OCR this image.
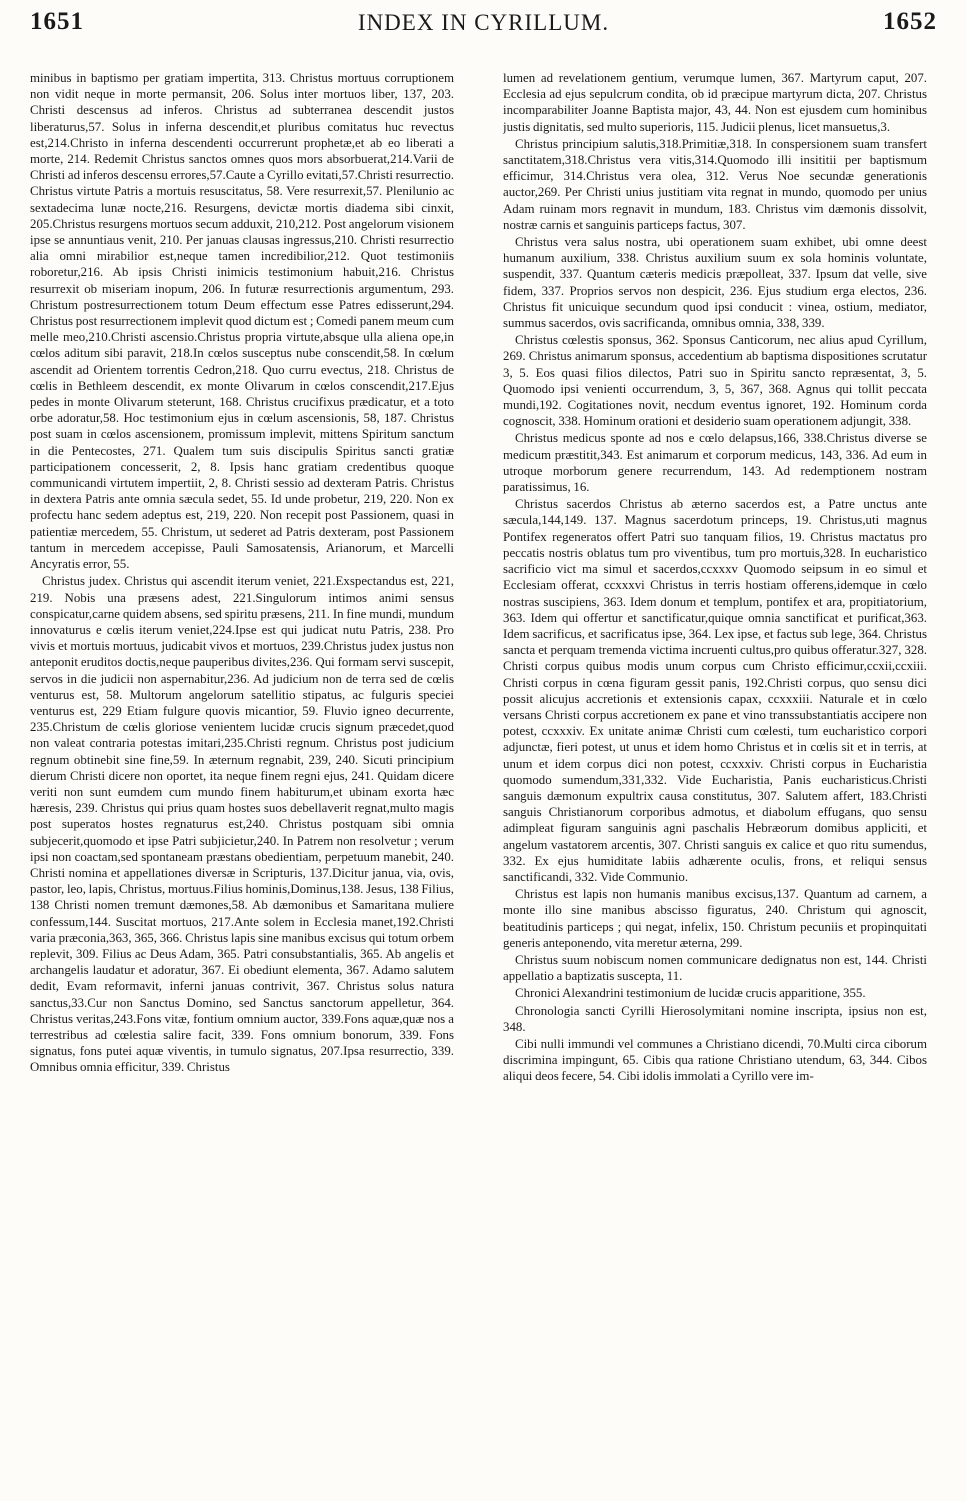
1651	INDEX IN CYRILLUM.	1652

minibus in baptismo per gratiam impertita, 313. Christus mortuus corruptionem non vidit neque in morte permansit, 206. Solus inter mortuos liber, 137, 203. Christi descensus ad inferos. Christus ad subterranea descendit justos liberaturus,57. Solus in inferna descendit,et pluribus comitatus huc revectus est,214.Christo in inferna descendenti occurrerunt prophetæ,et ab eo liberati a morte, 214. Redemit Christus sanctos omnes quos mors absorbuerat,214.Varii de Christi ad inferos descensu errores,57.Caute a Cyrillo evitati,57.Christi resurrectio. Christus virtute Patris a mortuis resuscitatus, 58. Vere resurrexit,57. Plenilunio ac sextadecima lunæ nocte,216. Resurgens, devictæ mortis diadema sibi cinxit, 205.Christus resurgens mortuos secum adduxit, 210,212. Post angelorum visionem ipse se annuntiaus venit, 210. Per januas clausas ingressus,210. Christi resurrectio alia omni mirabilior est,neque tamen incredibilior,212. Quot testimoniis roboretur,216. Ab ipsis Christi inimicis testimonium habuit,216. Christus resurrexit ob miseriam inopum, 206. In futuræ resurrectionis argumentum, 293. Christum postresurrectionem totum Deum effectum esse Patres edisserunt,294. Christus post resurrectionem implevit quod dictum est ; Comedi panem meum cum melle meo,210.Christi ascensio.Christus propria virtute,absque ulla aliena ope,in cœlos aditum sibi paravit, 218.In cœlos susceptus nube conscendit,58. In cœlum ascendit ad Orientem torrentis Cedron,218. Quo curru evectus, 218. Christus de cœlis in Bethleem descendit, ex monte Olivarum in cœlos conscendit,217.Ejus pedes in monte Olivarum steterunt, 168. Christus crucifixus prædicatur, et a toto orbe adoratur,58. Hoc testimonium ejus in cœlum ascensionis, 58, 187. Christus post suam in cœlos ascensionem, promissum implevit, mittens Spiritum sanctum in die Pentecostes, 271. Qualem tum suis discipulis Spiritus sancti gratiæ participationem concesserit, 2, 8. Ipsis hanc gratiam credentibus quoque communicandi virtutem impertiit, 2, 8. Christi sessio ad dexteram Patris. Christus in dextera Patris ante omnia sæcula sedet, 55. Id unde probetur, 219, 220. Non ex profectu hanc sedem adeptus est, 219, 220. Non recepit post Passionem, quasi in patientiæ mercedem, 55. Christum, ut sederet ad Patris dexteram, post Passionem tantum in mercedem accepisse, Pauli Samosatensis, Arianorum, et Marcelli Ancyratis error, 55.

Christus judex. Christus qui ascendit iterum veniet, 221.Exspectandus est, 221, 219. Nobis una præsens adest, 221.Singulorum intimos animi sensus conspicatur,carne quidem absens, sed spiritu præsens, 211. In fine mundi, mundum innovaturus e cœlis iterum veniet,224.Ipse est qui judicat nutu Patris, 238. Pro vivis et mortuis mortuus, judicabit vivos et mortuos, 239.Christus judex justus non anteponit eruditos doctis,neque pauperibus divites,236. Qui formam servi suscepit, servos in die judicii non aspernabitur,236. Ad judicium non de terra sed de cœlis venturus est, 58. Multorum angelorum satellitio stipatus, ac fulguris speciei venturus est, 229 Etiam fulgure quovis micantior, 59. Fluvio igneo decurrente, 235.Christum de cœlis gloriose venientem lucidæ crucis signum præcedet,quod non valeat contraria potestas imitari,235.Christi regnum. Christus post judicium regnum obtinebit sine fine,59. In æternum regnabit, 239, 240. Sicuti principium dierum Christi dicere non oportet, ita neque finem regni ejus, 241. Quidam dicere veriti non sunt eumdem cum mundo finem habiturum,et ubinam exorta hæc hæresis, 239. Christus qui prius quam hostes suos debellaverit regnat,multo magis post superatos hostes regnaturus est,240. Christus postquam sibi omnia subjecerit,quomodo et ipse Patri subjicietur,240. In Patrem non resolvetur ; verum ipsi non coactam,sed spontaneam præstans obedientiam, perpetuum manebit, 240. Christi nomina et appellationes diversæ in Scripturis, 137.Dicitur janua, via, ovis, pastor, leo, lapis, Christus, mortuus.Filius hominis,Dominus,138. Jesus, 138 Filius, 138 Christi nomen tremunt dæmones,58. Ab dæmonibus et Samaritana muliere confessum,144. Suscitat mortuos, 217.Ante solem in Ecclesia manet,192.Christi varia præconia,363, 365, 366. Christus lapis sine manibus excisus qui totum orbem replevit, 309. Filius ac Deus Adam, 365. Patri consubstantialis, 365. Ab angelis et archangelis laudatur et adoratur, 367. Ei obediunt elementa, 367. Adamo salutem dedit, Evam reformavit, inferni januas contrivit, 367. Christus solus natura sanctus,33.Cur non Sanctus Domino, sed Sanctus sanctorum appelletur, 364. Christus veritas,243.Fons vitæ, fontium omnium auctor, 339.Fons aquæ,quæ nos a terrestribus ad cœlestia salire facit, 339. Fons omnium bonorum, 339. Fons signatus, fons putei aquæ viventis, in tumulo signatus, 207.Ipsa resurrectio, 339. Omnibus omnia efficitur, 339. Christus

lumen ad revelationem gentium, verumque lumen, 367. Martyrum caput, 207. Ecclesia ad ejus sepulcrum condita, ob id præcipue martyrum dicta, 207. Christus incomparabiliter Joanne Baptista major, 43, 44. Non est ejusdem cum hominibus justis dignitatis, sed multo superioris, 115. Judicii plenus, licet mansuetus,3.

Christus principium salutis,318.Primitiæ,318. In conspersionem suam transfert sanctitatem,318.Christus vera vitis,314.Quomodo illi insititii per baptismum efficimur, 314.Christus vera olea, 312. Verus Noe secundæ generationis auctor,269. Per Christi unius justitiam vita regnat in mundo, quomodo per unius Adam ruinam mors regnavit in mundum, 183. Christus vim dæmonis dissolvit, nostræ carnis et sanguinis particeps factus, 307.

Christus vera salus nostra, ubi operationem suam exhibet, ubi omne deest humanum auxilium, 338. Christus auxilium suum ex sola hominis voluntate, suspendit, 337. Quantum cæteris medicis præpolleat, 337. Ipsum dat velle, sive fidem, 337. Proprios servos non despicit, 236. Ejus studium erga electos, 236. Christus fit unicuique secundum quod ipsi conducit : vinea, ostium, mediator, summus sacerdos, ovis sacrificanda, omnibus omnia, 338, 339.

Christus cœlestis sponsus, 362. Sponsus Canticorum, nec alius apud Cyrillum, 269. Christus animarum sponsus, accedentium ab baptisma dispositiones scrutatur 3, 5. Eos quasi filios dilectos, Patri suo in Spiritu sancto repræsentat, 3, 5. Quomodo ipsi venienti occurrendum, 3, 5, 367, 368. Agnus qui tollit peccata mundi,192. Cogitationes novit, necdum eventus ignoret, 192. Hominum corda cognoscit, 338. Hominum orationi et desiderio suam operationem adjungit, 338.

Christus medicus sponte ad nos e cœlo delapsus,166, 338.Christus diverse se medicum præstitit,343. Est animarum et corporum medicus, 143, 336. Ad eum in utroque morborum genere recurrendum, 143. Ad redemptionem nostram paratissimus, 16.

Christus sacerdos Christus ab æterno sacerdos est, a Patre unctus ante sæcula,144,149. 137. Magnus sacerdotum princeps, 19. Christus,uti magnus Pontifex regeneratos offert Patri suo tanquam filios, 19. Christus mactatus pro peccatis nostris oblatus tum pro viventibus, tum pro mortuis,328. In eucharistico sacrificio vict ma simul et sacerdos,ccxxxv Quomodo seipsum in eo simul et Ecclesiam offerat, ccxxxvi Christus in terris hostiam offerens,idemque in cœlo nostras suscipiens, 363. Idem donum et templum, pontifex et ara, propitiatorium, 363. Idem qui offertur et sanctificatur,quique omnia sanctificat et purificat,363. Idem sacrificus, et sacrificatus ipse, 364. Lex ipse, et factus sub lege, 364. Christus sancta et perquam tremenda victima incruenti cultus,pro quibus offeratur.327, 328. Christi corpus quibus modis unum corpus cum Christo efficimur,ccxii,ccxiii. Christi corpus in cœna figuram gessit panis, 192.Christi corpus, quo sensu dici possit alicujus accretionis et extensionis capax, ccxxxiii. Naturale et in cœlo versans Christi corpus accretionem ex pane et vino transsubstantiatis accipere non potest, ccxxxiv. Ex unitate animæ Christi cum cœlesti, tum eucharistico corpori adjunctæ, fieri potest, ut unus et idem homo Christus et in cœlis sit et in terris, at unum et idem corpus dici non potest, ccxxxiv. Christi corpus in Eucharistia quomodo sumendum,331,332. Vide Eucharistia, Panis eucharisticus.Christi sanguis dæmonum expultrix causa constitutus, 307. Salutem affert, 183.Christi sanguis Christianorum corporibus admotus, et diabolum effugans, quo sensu adimpleat figuram sanguinis agni paschalis Hebræorum domibus appliciti, et angelum vastatorem arcentis, 307. Christi sanguis ex calice et quo ritu sumendus, 332. Ex ejus humiditate labiis adhærente oculis, frons, et reliqui sensus sanctificandi, 332. Vide Communio.

Christus est lapis non humanis manibus excisus,137. Quantum ad carnem, a monte illo sine manibus abscisso figuratus, 240. Christum qui agnoscit, beatitudinis particeps ; qui negat, infelix, 150. Christum pecuniis et propinquitati generis anteponendo, vita meretur æterna, 299.

Christus suum nobiscum nomen communicare dedignatus non est, 144. Christi appellatio a baptizatis suscepta, 11.

Chronici Alexandrini testimonium de lucidæ crucis apparitione, 355.

Chronologia sancti Cyrilli Hierosolymitani nomine inscripta, ipsius non est, 348.

Cibi nulli immundi vel communes a Christiano dicendi, 70.Multi circa ciborum discrimina impingunt, 65. Cibis qua ratione Christiano utendum, 63, 344. Cibos aliqui deos fecere, 54. Cibi idolis immolati a Cyrillo vere im-
